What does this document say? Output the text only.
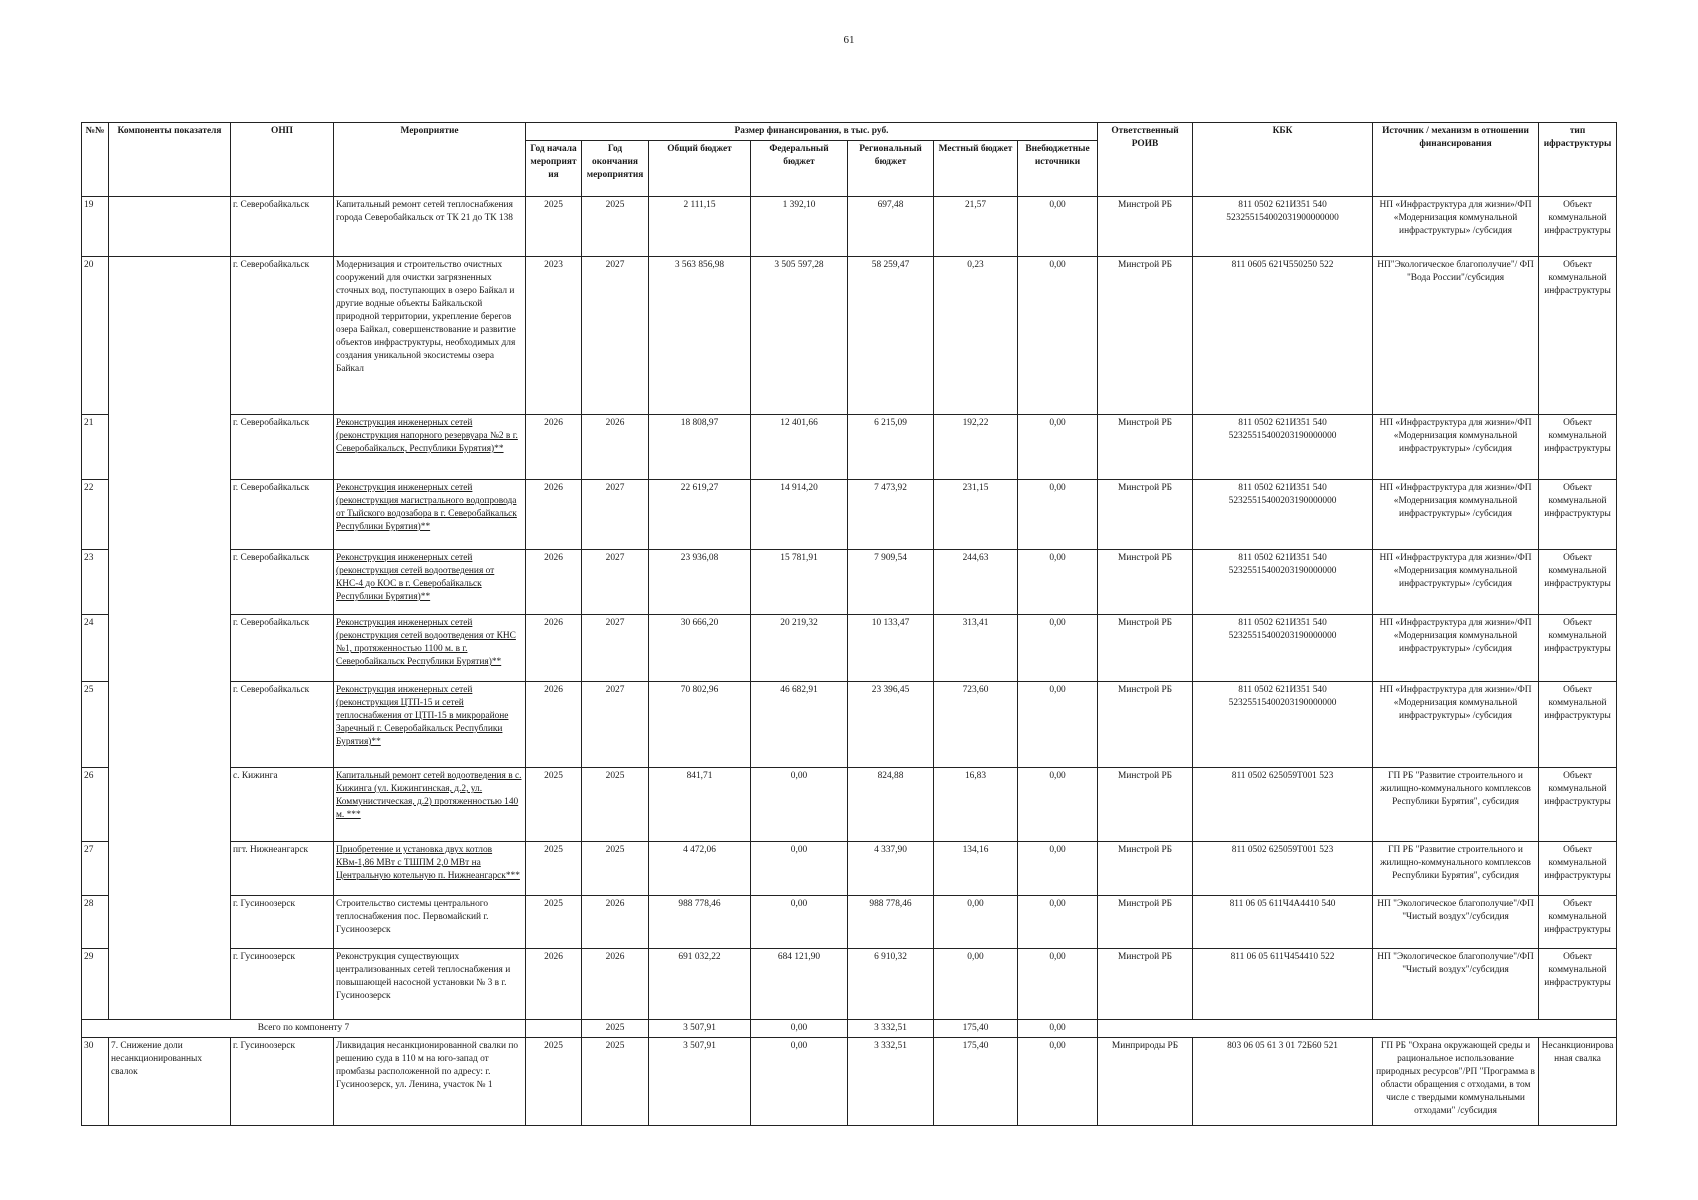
61
№№	Компоненты показателя	ОНП	Мероприятие	Размер финансирования, в тыс. руб.							Ответственный РОИВ	КБК	Источник / механизм в отношении финансирования	тип ифраструктуры
				Год начала мероприятия	Год окончания мероприятия	Общий бюджет	Федеральный бюджет	Региональный бюджет	Местный бюджет	Внебюджетные источники				
19		г. Северобайкальск	Капитальный ремонт сетей теплоснабжения города Северобайкальск от ТК 21 до ТК 138	2025	2025	2 111,15	1 392,10	697,48	21,57	0,00	Минстрой РБ	811 0502 621И351 540 523255154002031900000000	НП «Инфраструктура для жизни»/ФП «Модернизация коммунальной инфраструктуры» /субсидия	Объект коммунальной инфраструктуры
20		г. Северобайкальск	Модернизация и строительство очистных сооружений для очистки загрязненных сточных вод, поступающих в озеро Байкал и другие водные объекты Байкальской природной территории, укрепление берегов озера Байкал, совершенствование и развитие объектов инфраструктуры, необходимых для создания уникальной экосистемы озера Байкал	2023	2027	3 563 856,98	3 505 597,28	58 259,47	0,23	0,00	Минстрой РБ	811 0605 621Ч550250 522	НП"Экологическое благополучие"/ ФП "Вода России"/субсидия	Объект коммунальной инфраструктуры
21		г. Северобайкальск	Реконструкция инженерных сетей (реконструкция напорного резервуара №2 в г. Северобайкальск, Республики Бурятия)**	2026	2026	18 808,97	12 401,66	6 215,09	192,22	0,00	Минстрой РБ	811 0502 621И351 540 52325515400203190000000	НП «Инфраструктура для жизни»/ФП «Модернизация коммунальной инфраструктуры» /субсидия	Объект коммунальной инфраструктуры
22		г. Северобайкальск	Реконструкция инженерных сетей (реконструкция магистрального водопровода от Тыйского водозабора в г. Северобайкальск Республики Бурятия)**	2026	2027	22 619,27	14 914,20	7 473,92	231,15	0,00	Минстрой РБ	811 0502 621И351 540 52325515400203190000000	НП «Инфраструктура для жизни»/ФП «Модернизация коммунальной инфраструктуры» /субсидия	Объект коммунальной инфраструктуры
23		г. Северобайкальск	Реконструкция инженерных сетей (реконструкция сетей водоотведения от КНС-4 до КОС в г. Северобайкальск Республики Бурятия)**	2026	2027	23 936,08	15 781,91	7 909,54	244,63	0,00	Минстрой РБ	811 0502 621И351 540 52325515400203190000000	НП «Инфраструктура для жизни»/ФП «Модернизация коммунальной инфраструктуры» /субсидия	Объект коммунальной инфраструктуры
24		г. Северобайкальск	Реконструкция инженерных сетей (реконструкция сетей водоотведения от КНС №1, протяженностью 1100 м. в г. Северобайкальск Республики Бурятия)**	2026	2027	30 666,20	20 219,32	10 133,47	313,41	0,00	Минстрой РБ	811 0502 621И351 540 52325515400203190000000	НП «Инфраструктура для жизни»/ФП «Модернизация коммунальной инфраструктуры» /субсидия	Объект коммунальной инфраструктуры
25		г. Северобайкальск	Реконструкция инженерных сетей (реконструкция ЦТП-15 и сетей теплоснабжения от ЦТП-15 в микрорайоне Заречный г. Северобайкальск Республики Бурятия)**	2026	2027	70 802,96	46 682,91	23 396,45	723,60	0,00	Минстрой РБ	811 0502 621И351 540 52325515400203190000000	НП «Инфраструктура для жизни»/ФП «Модернизация коммунальной инфраструктуры» /субсидия	Объект коммунальной инфраструктуры
26		с. Кижинга	Капитальный ремонт сетей водоотведения в с. Кижинга (ул. Кижингинская, д.2, ул. Коммунистическая, д.2) протяженностью 140 м. ***	2025	2025	841,71	0,00	824,88	16,83	0,00	Минстрой РБ	811 0502 625059Т001 523	ГП РБ "Развитие строительного и жилищно-коммунального комплексов Республики Бурятия", субсидия	Объект коммунальной инфраструктуры
27		пгт. Нижнеангарск	Приобретение и установка двух котлов КВм-1,86 МВт с ТШПМ 2,0 МВт на Центральную котельную п. Нижнеангарск***	2025	2025	4 472,06	0,00	4 337,90	134,16	0,00	Минстрой РБ	811 0502 625059Т001 523	ГП РБ "Развитие строительного и жилищно-коммунального комплексов Республики Бурятия", субсидия	Объект коммунальной инфраструктуры
28		г. Гусиноозерск	Строительство системы центрального теплоснабжения пос. Первомайский г. Гусиноозерск	2025	2026	988 778,46	0,00	988 778,46	0,00	0,00	Минстрой РБ	811 06 05 611Ч4А4410 540	НП "Экологическое благополучие"/ФП "Чистый воздух"/субсидия	Объект коммунальной инфраструктуры
29		г. Гусиноозерск	Реконструкция существующих централизованных сетей теплоснабжения и повышающей насосной установки № 3 в г. Гусиноозерск	2026	2026	691 032,22	684 121,90	6 910,32	0,00	0,00	Минстрой РБ	811 06 05 611Ч454410 522	НП "Экологическое благополучие"/ФП "Чистый воздух"/субсидия	Объект коммунальной инфраструктуры
Всего по компоненту 7					2025	3 507,91	0,00	3 332,51	175,40	0,00				
30	7. Снижение доли несанкционированных свалок	г. Гусиноозерск	Ликвидация несанкционированной свалки по решению суда в 110 м на юго-запад от промбазы расположенной по адресу: г. Гусиноозерск, ул. Ленина, участок № 1	2025	2025	3 507,91	0,00	3 332,51	175,40	0,00	Минприроды РБ	803 06 05 61 3 01 72Б60 521	ГП РБ "Охрана окружающей среды и рациональное использование природных ресурсов"/РП "Программа в области обращения с отходами, в том числе с твердыми коммунальными отходами" /субсидия	Несанкционированная свалка
